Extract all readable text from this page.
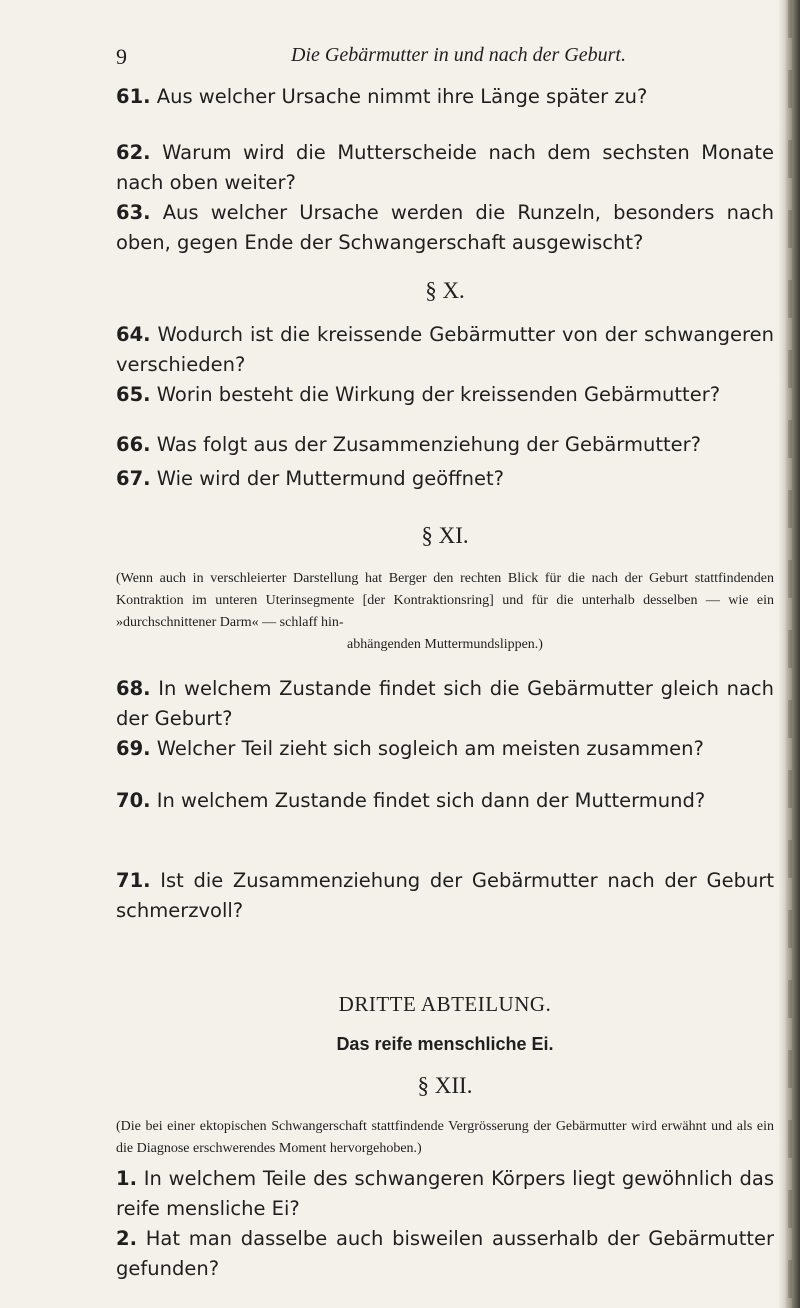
9	Die Gebärmutter in und nach der Geburt.
61. Aus welcher Ursache nimmt ihre Länge später zu?
62. Warum wird die Mutterscheide nach dem sechsten Monate nach oben weiter?
63. Aus welcher Ursache werden die Runzeln, besonders nach oben, gegen Ende der Schwangerschaft ausgewischt?
§ X.
64. Wodurch ist die kreissende Gebärmutter von der schwangeren verschieden?
65. Worin besteht die Wirkung der kreissenden Gebärmutter?
66. Was folgt aus der Zusammenziehung der Gebärmutter?
67. Wie wird der Muttermund geöffnet?
§ XI.
(Wenn auch in verschleierter Darstellung hat Berger den rechten Blick für die nach der Geburt stattfindenden Kontraktion im unteren Uterinsegmente [der Kontraktionsring] und für die unterhalb desselben — wie ein »durchschnittener Darm« — schlaff hin-
abhängenden Muttermundslippen.)
68. In welchem Zustande findet sich die Gebärmutter gleich nach der Geburt?
69. Welcher Teil zieht sich sogleich am meisten zusammen?
70. In welchem Zustande findet sich dann der Muttermund?
71. Ist die Zusammenziehung der Gebärmutter nach der Geburt schmerzvoll?
DRITTE ABTEILUNG.
Das reife menschliche Ei.
§ XII.
(Die bei einer ektopischen Schwangerschaft stattfindende Vergrösserung der Gebärmutter wird erwähnt und als ein die Diagnose erschwerendes Moment hervorgehoben.)
1. In welchem Teile des schwangeren Körpers liegt gewöhnlich das reife mensliche Ei?
2. Hat man dasselbe auch bisweilen ausserhalb der Gebärmutter gefunden?
